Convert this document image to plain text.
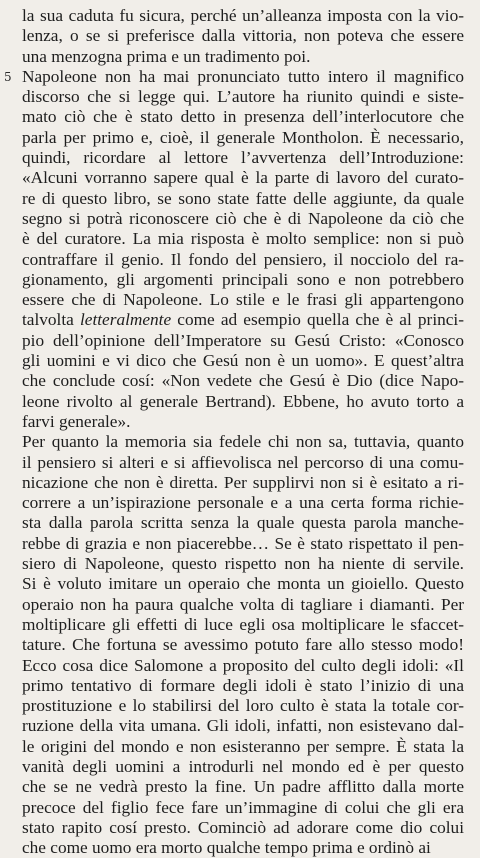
5
la sua caduta fu sicura, perché un’alleanza imposta con la vio-
lenza, o se si preferisce dalla vittoria, non poteva che essere
una menzogna prima e un tradimento poi.
Napoleone non ha mai pronunciato tutto intero il magnifico
discorso che si legge qui. L’autore ha riunito quindi e siste-
mato ciò che è stato detto in presenza dell’interlocutore che
parla per primo e, cioè, il generale Montholon. È necessario,
quindi, ricordare al lettore l’avvertenza dell’Introduzione:
«Alcuni vorranno sapere qual è la parte di lavoro del curato-
re di questo libro, se sono state fatte delle aggiunte, da quale
segno si potrà riconoscere ciò che è di Napoleone da ciò che
è del curatore. La mia risposta è molto semplice: non si può
contraffare il genio. Il fondo del pensiero, il nocciolo del ra-
gionamento, gli argomenti principali sono e non potrebbero
essere che di Napoleone. Lo stile e le frasi gli appartengono
talvolta letteralmente come ad esempio quella che è al princi-
pio dell’opinione dell’Imperatore su Gesú Cristo: «Conosco
gli uomini e vi dico che Gesú non è un uomo». E quest’altra
che conclude cosí: «Non vedete che Gesú è Dio (dice Napo-
leone rivolto al generale Bertrand). Ebbene, ho avuto torto a
farvi generale».
Per quanto la memoria sia fedele chi non sa, tuttavia, quanto
il pensiero si alteri e si affievolisca nel percorso di una comu-
nicazione che non è diretta. Per supplirvi non si è esitato a ri-
correre a un’ispirazione personale e a una certa forma richie-
sta dalla parola scritta senza la quale questa parola manche-
rebbe di grazia e non piacerebbe… Se è stato rispettato il pen-
siero di Napoleone, questo rispetto non ha niente di servile.
Si è voluto imitare un operaio che monta un gioiello. Questo
operaio non ha paura qualche volta di tagliare i diamanti. Per
moltiplicare gli effetti di luce egli osa moltiplicare le sfaccet-
tature. Che fortuna se avessimo potuto fare allo stesso modo!
Ecco cosa dice Salomone a proposito del culto degli idoli: «Il
primo tentativo di formare degli idoli è stato l’inizio di una
prostituzione e lo stabilirsi del loro culto è stata la totale cor-
ruzione della vita umana. Gli idoli, infatti, non esistevano dal-
le origini del mondo e non esisteranno per sempre. È stata la
vanità degli uomini a introdurli nel mondo ed è per questo
che se ne vedrà presto la fine. Un padre afflitto dalla morte
precoce del figlio fece fare un’immagine di colui che gli era
stato rapito cosí presto. Cominciò ad adorare come dio colui
che come uomo era morto qualche tempo prima e ordinò ai
